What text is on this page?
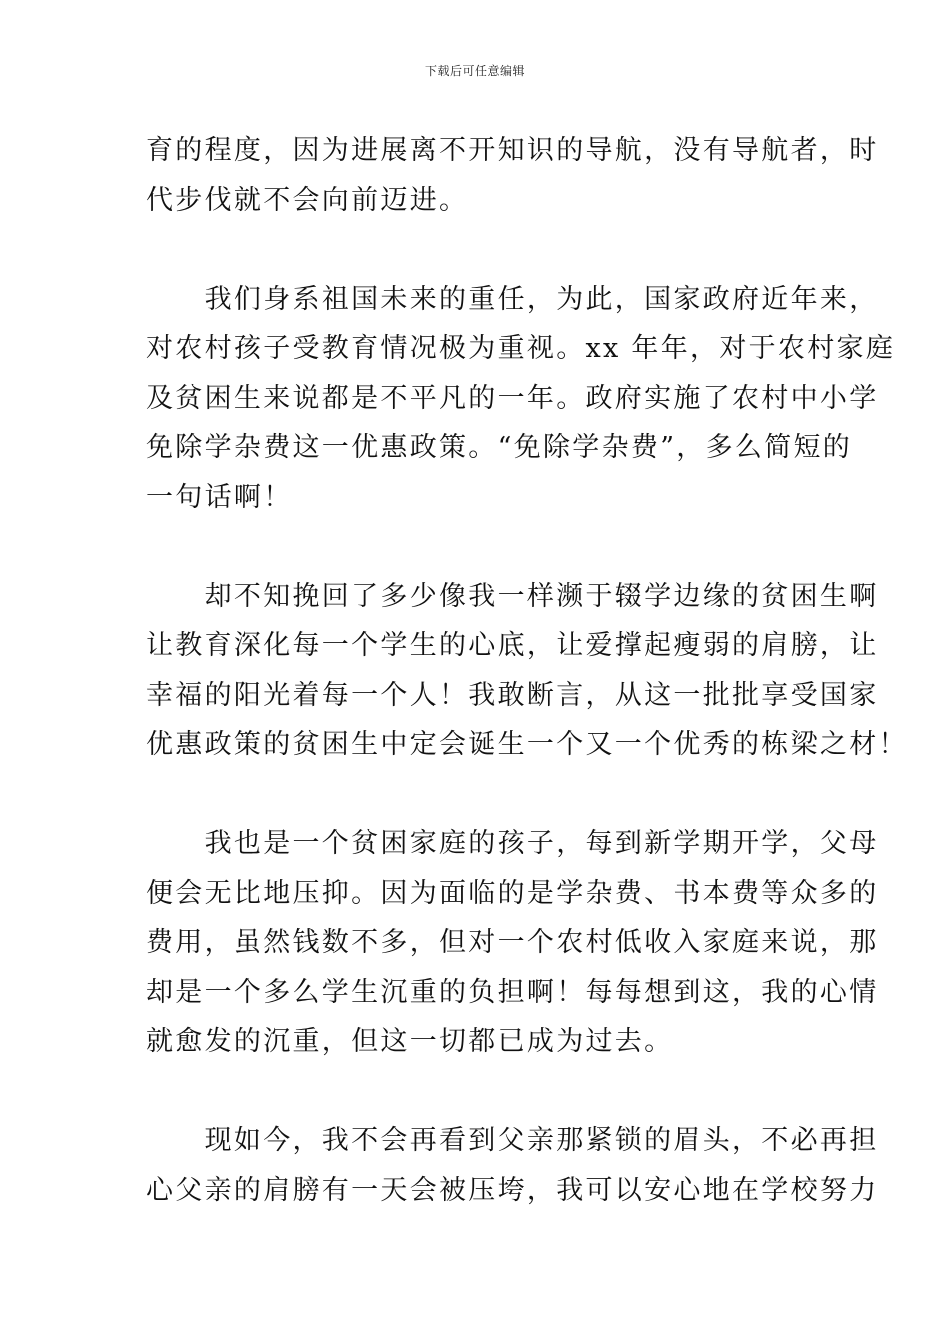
下载后可任意编辑
育的程度，因为进展离不开知识的导航，没有导航者，时
代步伐就不会向前迈进。
　　我们身系祖国未来的重任，为此，国家政府近年来，
对农村孩子受教育情况极为重视。xx 年年，对于农村家庭
及贫困生来说都是不平凡的一年。政府实施了农村中小学
免除学杂费这一优惠政策。“免除学杂费”，多么简短的
一句话啊！
　　却不知挽回了多少像我一样濒于辍学边缘的贫困生啊
让教育深化每一个学生的心底，让爱撑起瘦弱的肩膀，让
幸福的阳光着每一个人！我敢断言，从这一批批享受国家
优惠政策的贫困生中定会诞生一个又一个优秀的栋梁之材！
　　我也是一个贫困家庭的孩子，每到新学期开学，父母
便会无比地压抑。因为面临的是学杂费、书本费等众多的
费用，虽然钱数不多，但对一个农村低收入家庭来说，那
却是一个多么学生沉重的负担啊！每每想到这，我的心情
就愈发的沉重，但这一切都已成为过去。
　　现如今，我不会再看到父亲那紧锁的眉头，不必再担
心父亲的肩膀有一天会被压垮，我可以安心地在学校努力
